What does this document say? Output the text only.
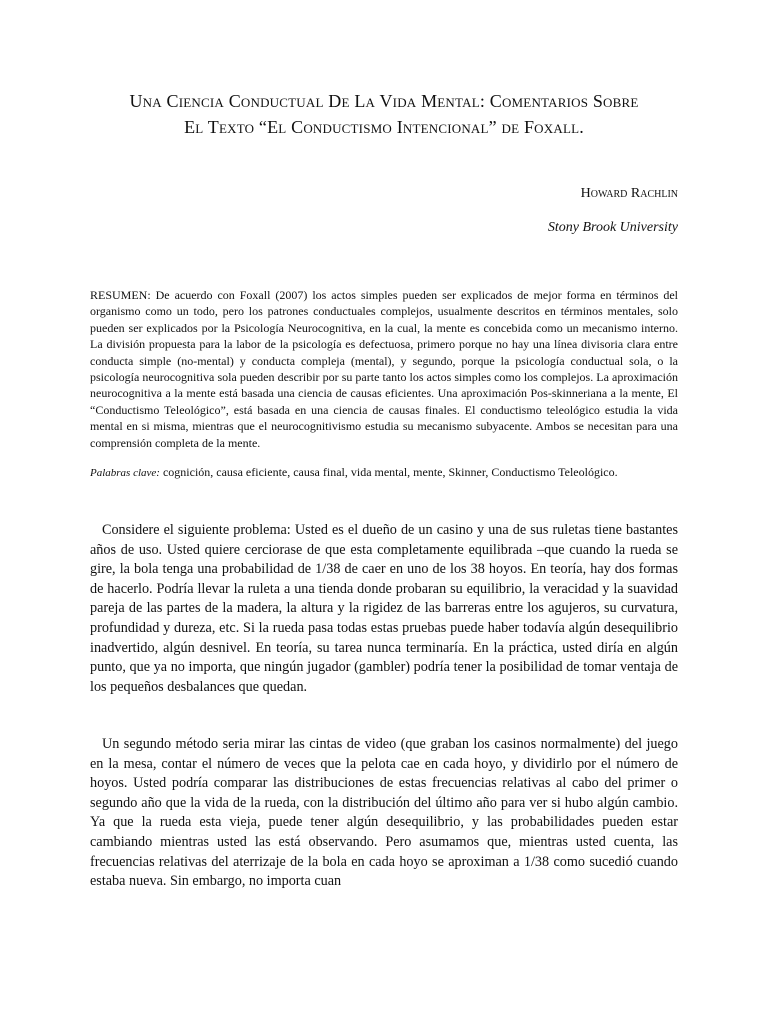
Una Ciencia Conductual De La Vida Mental: Comentarios Sobre
El Texto “El Conductismo Intencional” de Foxall.
Howard Rachlin
Stony Brook University

RESUMEN: De acuerdo con Foxall (2007) los actos simples pueden ser explicados de mejor forma en términos del organismo como un todo, pero los patrones conductuales complejos, usualmente descritos en términos mentales, solo pueden ser explicados por la Psicología Neurocognitiva, en la cual, la mente es concebida como un mecanismo interno. La división propuesta para la labor de la psicología es defectuosa, primero porque no hay una línea divisoria clara entre conducta simple (no-mental) y conducta compleja (mental), y segundo, porque la psicología conductual sola, o la psicología neurocognitiva sola pueden describir por su parte tanto los actos simples como los complejos. La aproximación neurocognitiva a la mente está basada una ciencia de causas eficientes. Una aproximación Pos-skinneriana a la mente, El “Conductismo Teleológico”, está basada en una ciencia de causas finales. El conductismo teleológico estudia la vida mental en si misma, mientras que el neurocognitivismo estudia su mecanismo subyacente. Ambos se necesitan para una comprensión completa de la mente.

Palabras clave: cognición, causa eficiente, causa final, vida mental, mente, Skinner, Conductismo Teleológico.

Considere el siguiente problema: Usted es el dueño de un casino y una de sus ruletas tiene bastantes años de uso. Usted quiere cerciorase de que esta completamente equilibrada –que cuando la rueda se gire, la bola tenga una probabilidad de 1/38 de caer en uno de los 38 hoyos. En teoría, hay dos formas de hacerlo. Podría llevar la ruleta a una tienda donde probaran su equilibrio, la veracidad y la suavidad pareja de las partes de la madera, la altura y la rigidez de las barreras entre los agujeros, su curvatura, profundidad y dureza, etc. Si la rueda pasa todas estas pruebas puede haber todavía algún desequilibrio inadvertido, algún desnivel. En teoría, su tarea nunca terminaría. En la práctica, usted diría en algún punto, que ya no importa, que ningún jugador (gambler) podría tener la posibilidad de tomar ventaja de los pequeños desbalances que quedan.

Un segundo método seria mirar las cintas de video (que graban los casinos normalmente) del juego en la mesa, contar el número de veces que la pelota cae en cada hoyo, y dividirlo por el número de hoyos. Usted podría comparar las distribuciones de estas frecuencias relativas al cabo del primer o segundo año que la vida de la rueda, con la distribución del último año para ver si hubo algún cambio. Ya que la rueda esta vieja, puede tener algún desequilibrio, y las probabilidades pueden estar cambiando mientras usted las está observando. Pero asumamos que, mientras usted cuenta, las frecuencias relativas del aterrizaje de la bola en cada hoyo se aproximan a 1/38 como sucedió cuando estaba nueva. Sin embargo, no importa cuan
